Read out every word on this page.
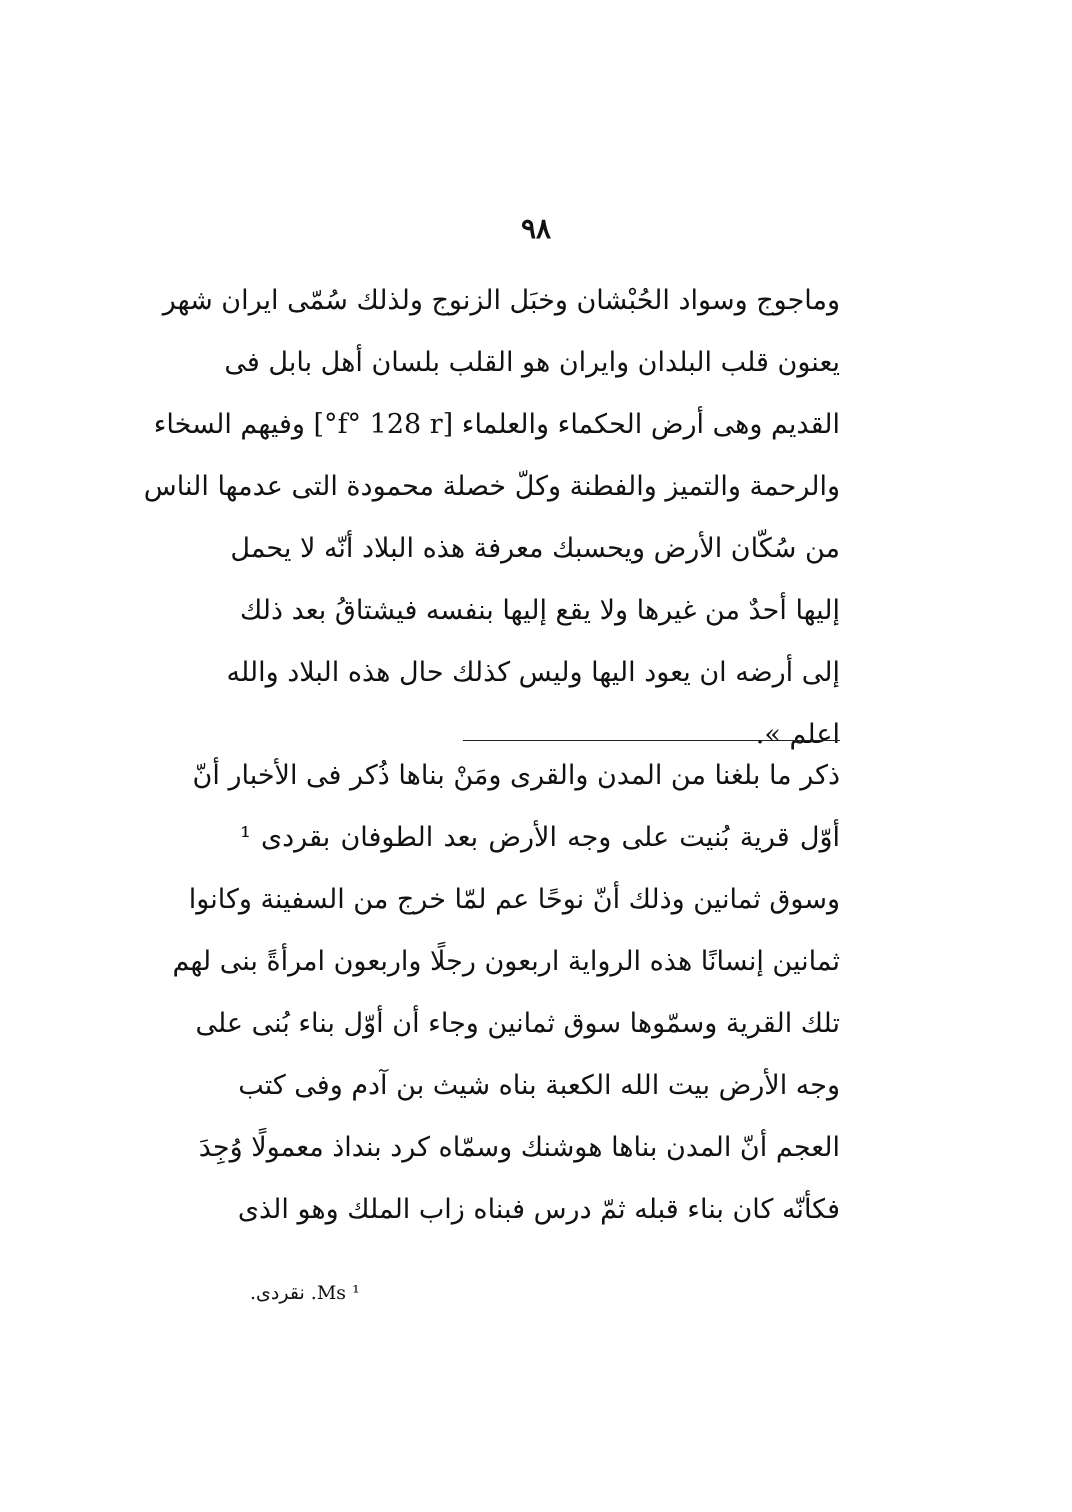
٩٨
وماجوج وسواد الحُبْشان وخبَل الزنوج ولذلك سُمّى ايران شهر
يعنون قلب البلدان وايران هو القلب بلسان أهل بابل فى
القديم وهى أرض الحكماء والعلماء [f° 128 r°] وفيهم السخاء
والرحمة والتميز والفطنة وكلّ خصلة محمودة التى عدمها الناس
من سُكّان الأرض ويحسبك معرفة هذه البلاد أنّه لا يحمل
إليها أحدٌ من غيرها ولا يقع إليها بنفسه فيشتاقُ بعد ذلك
إلى أرضه ان يعود اليها وليس كذلك حال هذه البلاد والله
اعلم ».
ذكر ما بلغنا من المدن والقرى ومَنْ بناها ذُكر فى الأخبار أنّ
أوّل قرية بُنيت على وجه الأرض بعد الطوفان بقردى ¹
وسوق ثمانين وذلك أنّ نوحًا عم لمّا خرج من السفينة وكانوا
ثمانين إنسانًا هذه الرواية اربعون رجلًا واربعون امرأةً بنى لهم
تلك القرية وسمّوها سوق ثمانين وجاء أن أوّل بناء بُنى على
وجه الأرض بيت الله الكعبة بناه شيث بن آدم وفى كتب
العجم أنّ المدن بناها هوشنك وسمّاه كرد بنداذ معمولًا وُجِدَ
فكأنّه كان بناء قبله ثمّ درس فبناه زاب الملك وهو الذى
¹ Ms. نقردى.
